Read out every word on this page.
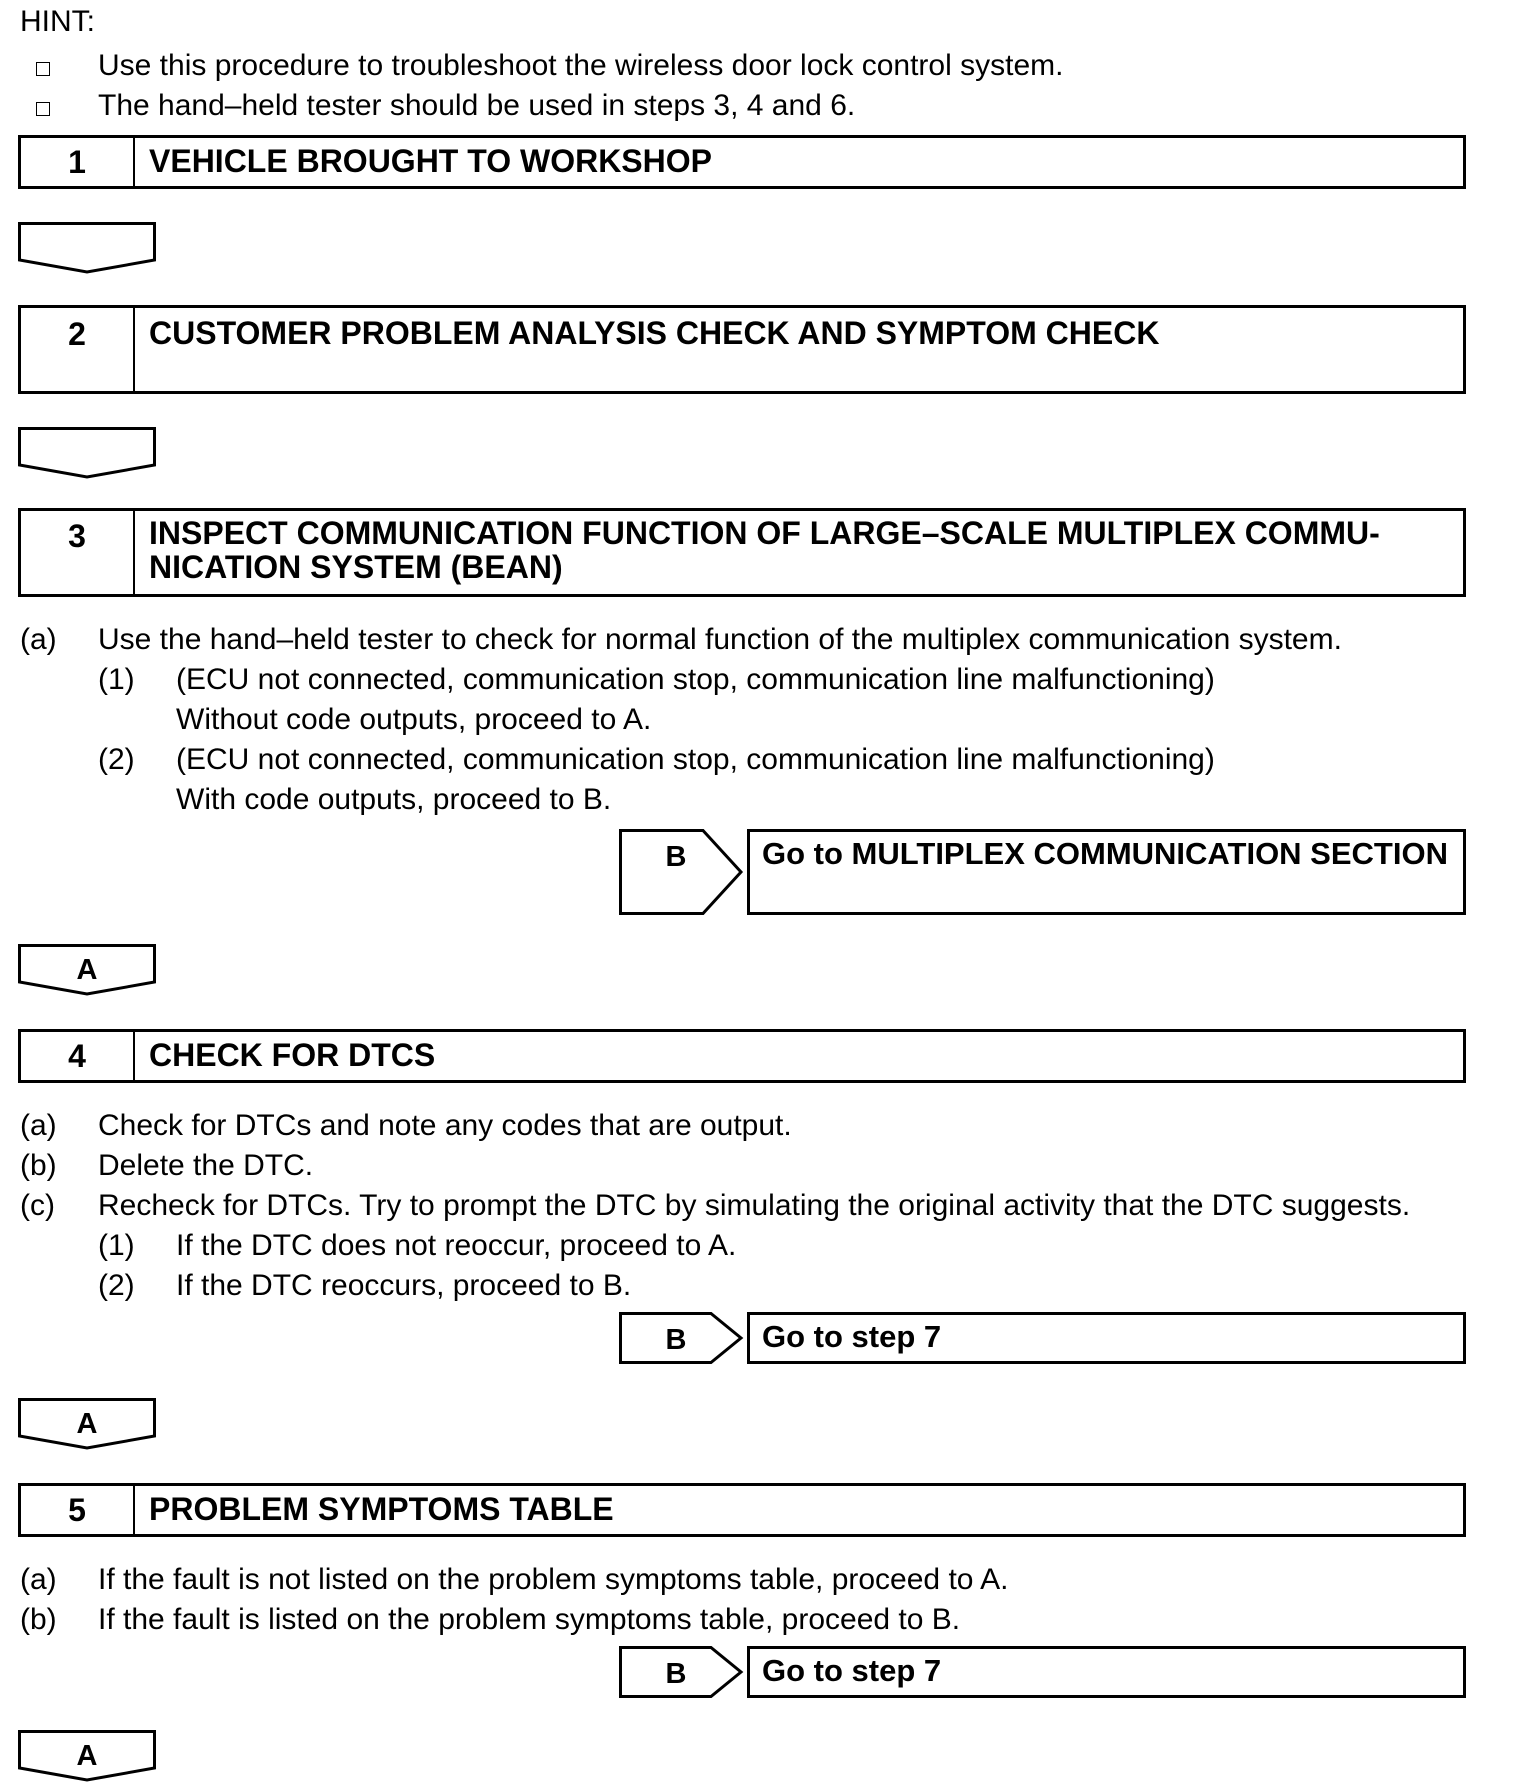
HINT:
Use this procedure to troubleshoot the wireless door lock control system.
The hand–held tester should be used in steps 3, 4 and 6.
1	VEHICLE BROUGHT TO WORKSHOP
2	CUSTOMER PROBLEM ANALYSIS CHECK AND SYMPTOM CHECK
3	INSPECT COMMUNICATION FUNCTION OF LARGE–SCALE MULTIPLEX COMMU-
NICATION SYSTEM (BEAN)
(a) Use the hand–held tester to check for normal function of the multiplex communication system.
(1) (ECU not connected, communication stop, communication line malfunctioning)
Without code outputs, proceed to A.
(2) (ECU not connected, communication stop, communication line malfunctioning)
With code outputs, proceed to B.
B Go to MULTIPLEX COMMUNICATION SECTION
A
4	CHECK FOR DTCS
(a) Check for DTCs and note any codes that are output.
(b) Delete the DTC.
(c) Recheck for DTCs. Try to prompt the DTC by simulating the original activity that the DTC suggests.
(1) If the DTC does not reoccur, proceed to A.
(2) If the DTC reoccurs, proceed to B.
B Go to step 7
A
5	PROBLEM SYMPTOMS TABLE
(a) If the fault is not listed on the problem symptoms table, proceed to A.
(b) If the fault is listed on the problem symptoms table, proceed to B.
B Go to step 7
A
